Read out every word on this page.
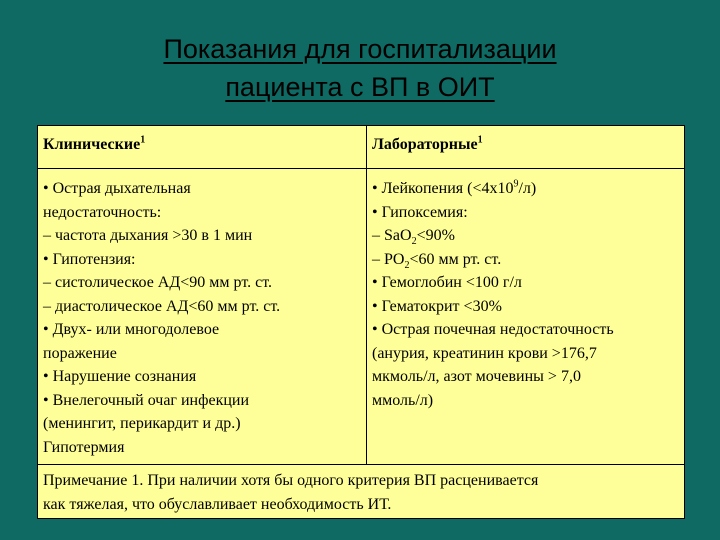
Показания для госпитализации
пациента с ВП в ОИТ
Клинические$^1$	Лабораторные$^1$
• Острая дыхательная
недостаточность:
– частота дыхания >30 в 1 мин
• Гипотензия:
– систолическое АД<90 мм рт. ст.
– диастолическое АД<60 мм рт. ст.
• Двух- или многодолевое
поражение
• Нарушение сознания
• Внелегочный очаг инфекции
(менингит, перикардит и др.)
Гипотермия
• Лейкопения $(<4х10^9/л)$
• Гипоксемия:
– SaO$_2$<90%
– $PO_2<60$ мм рт. ст.
• Гемоглобин <100 г/л
• Гематокрит <30%
• Острая почечная недостаточность
(анурия, креатинин крови >176,7
мкмоль/л, азот мочевины > 7,0
ммоль/л)
Примечание 1. При наличии хотя бы одного критерия ВП расценивается
как тяжелая, что обуславливает необходимость ИТ.
